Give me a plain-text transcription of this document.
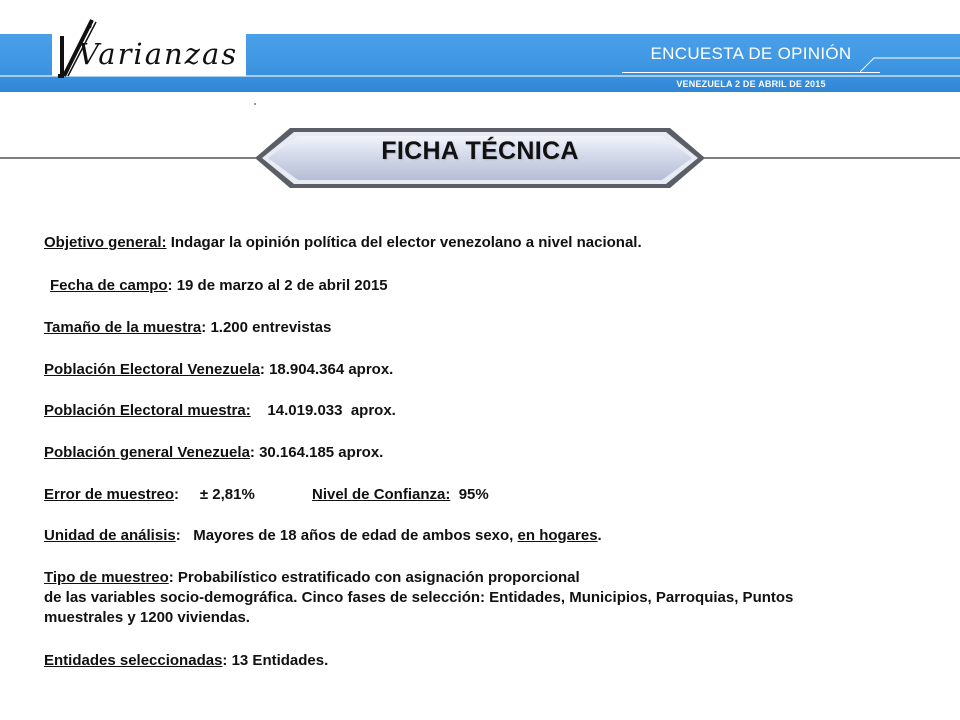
Varianzas	ENCUESTA DE OPINIÓN
VENEZUELA 2 DE ABRIL DE 2015
FICHA TÉCNICA
Objetivo general: Indagar la opinión política del elector venezolano a nivel nacional.
Fecha de campo: 19 de marzo al 2 de abril 2015
Tamaño de la muestra: 1.200 entrevistas
Población Electoral Venezuela: 18.904.364 aprox.
Población Electoral muestra:    14.019.033  aprox.
Población general Venezuela: 30.164.185 aprox.
Error de muestreo:     ± 2,81%	Nivel de Confianza:  95%
Unidad de análisis:   Mayores de 18 años de edad de ambos sexo, en hogares.
Tipo de muestreo: Probabilístico estratificado con asignación proporcional
de las variables socio-demográfica. Cinco fases de selección: Entidades, Municipios, Parroquias, Puntos
muestrales y 1200 viviendas.
Entidades seleccionadas: 13 Entidades.
